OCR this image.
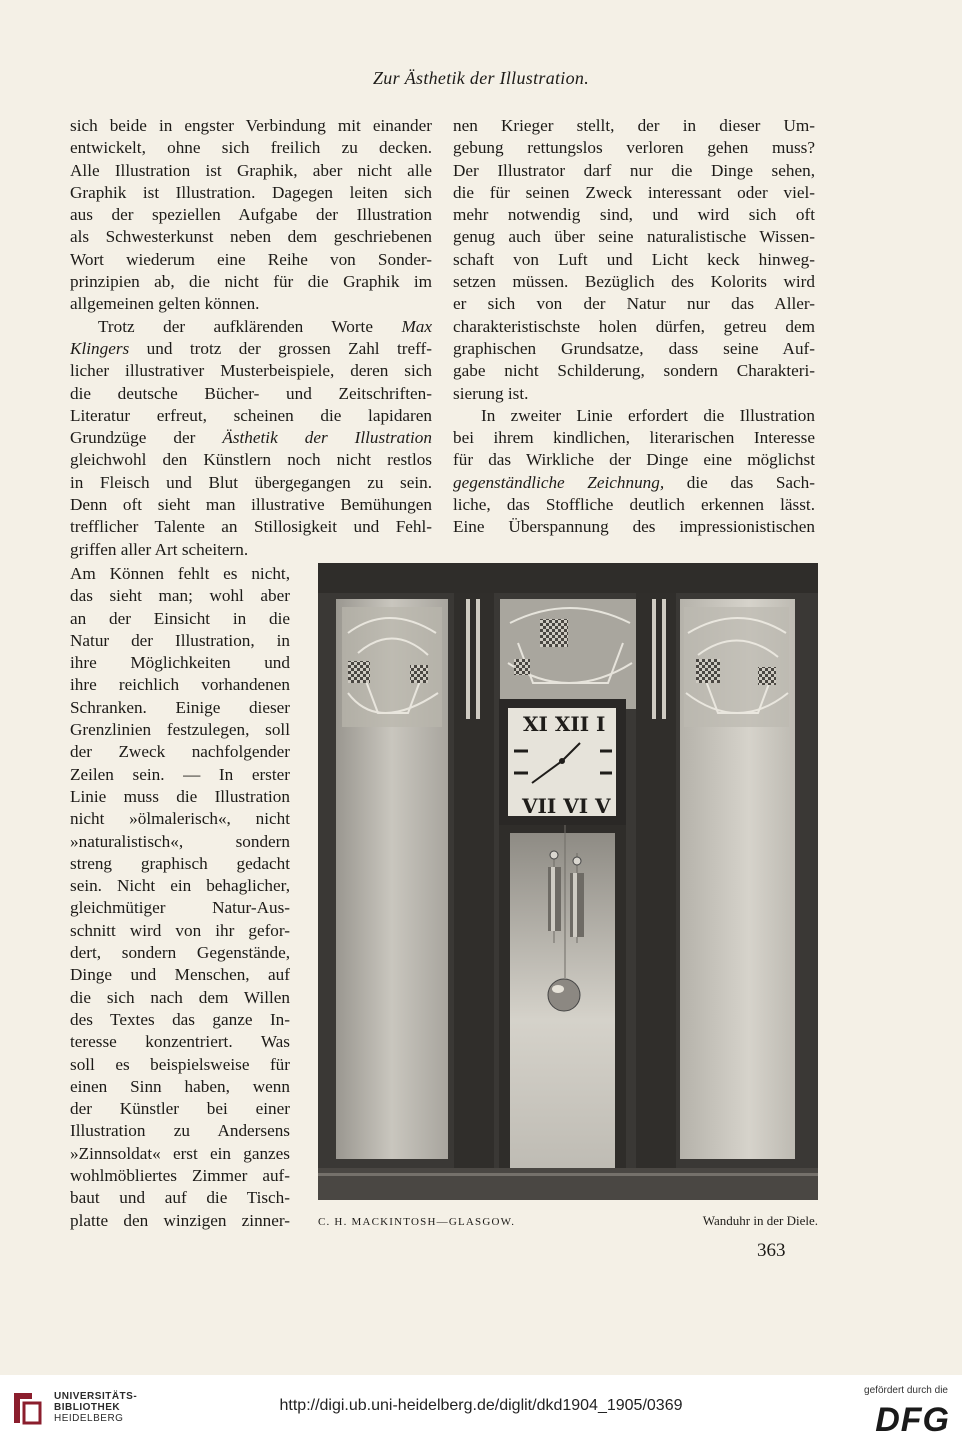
Zur Ästhetik der Illustration.
sich beide in engster Verbindung mit einander
entwickelt, ohne sich freilich zu decken.
Alle Illustration ist Graphik, aber nicht alle
Graphik ist Illustration. Dagegen leiten sich
aus der speziellen Aufgabe der Illustration
als Schwesterkunst neben dem geschriebenen
Wort wiederum eine Reihe von Sonder-
prinzipien ab, die nicht für die Graphik im
allgemeinen gelten können.
Trotz der aufklärenden Worte Max
Klingers und trotz der grossen Zahl treff-
licher illustrativer Musterbeispiele, deren sich
die deutsche Bücher- und Zeitschriften-
Literatur erfreut, scheinen die lapidaren
Grundzüge der Ästhetik der Illustration
gleichwohl den Künstlern noch nicht restlos
in Fleisch und Blut übergegangen zu sein.
Denn oft sieht man illustrative Bemühungen
trefflicher Talente an Stillosigkeit und Fehl-
griffen aller Art scheitern.
nen Krieger stellt, der in dieser Um-
gebung rettungslos verloren gehen muss?
Der Illustrator darf nur die Dinge sehen,
die für seinen Zweck interessant oder viel-
mehr notwendig sind, und wird sich oft
genug auch über seine naturalistische Wissen-
schaft von Luft und Licht keck hinweg-
setzen müssen. Bezüglich des Kolorits wird
er sich von der Natur nur das Aller-
charakteristischste holen dürfen, getreu dem
graphischen Grundsatze, dass seine Auf-
gabe nicht Schilderung, sondern Charakteri-
sierung ist.
In zweiter Linie erfordert die Illustration
bei ihrem kindlichen, literarischen Interesse
für das Wirkliche der Dinge eine möglichst
gegenständliche Zeichnung, die das Sach-
liche, das Stoffliche deutlich erkennen lässt.
Eine Überspannung des impressionistischen
Am Können fehlt es nicht,
das sieht man; wohl aber
an der Einsicht in die
Natur der Illustration, in
ihre Möglichkeiten und
ihre reichlich vorhandenen
Schranken. Einige dieser
Grenzlinien festzulegen, soll
der Zweck nachfolgender
Zeilen sein. — In erster
Linie muss die Illustration
nicht »ölmalerisch«, nicht
»naturalistisch«, sondern
streng graphisch gedacht
sein. Nicht ein behaglicher,
gleichmütiger Natur-Aus-
schnitt wird von ihr gefor-
dert, sondern Gegenstände,
Dinge und Menschen, auf
die sich nach dem Willen
des Textes das ganze In-
teresse konzentriert. Was
soll es beispielsweise für
einen Sinn haben, wenn
der Künstler bei einer
Illustration zu Andersens
»Zinnsoldat« erst ein ganzes
wohlmöbliertes Zimmer auf-
baut und auf die Tisch-
platte den winzigen zinner-
XI XII I
VII VI V
C. H. MACKINTOSH—GLASGOW.	Wanduhr in der Diele.
363
UNIVERSITÄTS-
BIBLIOTHEK
HEIDELBERG
http://digi.ub.uni-heidelberg.de/diglit/dkd1904_1905/0369
gefördert durch die
DFG
